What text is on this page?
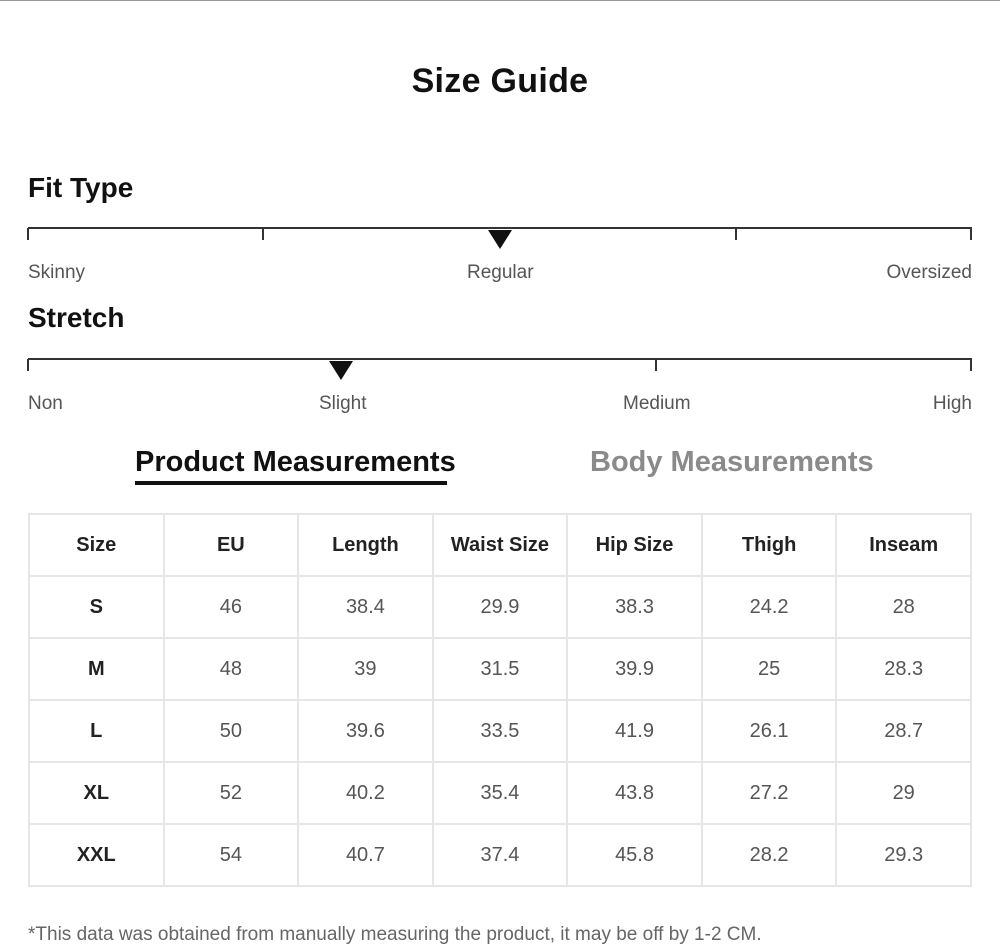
Size Guide
Fit Type
Skinny	Regular	Oversized
Stretch
Non	Slight	Medium	High
Product Measurements	Body Measurements
Size	EU	Length	Waist Size	Hip Size	Thigh	Inseam
S	46	38.4	29.9	38.3	24.2	28
M	48	39	31.5	39.9	25	28.3
L	50	39.6	33.5	41.9	26.1	28.7
XL	52	40.2	35.4	43.8	27.2	29
XXL	54	40.7	37.4	45.8	28.2	29.3
*This data was obtained from manually measuring the product, it may be off by 1-2 CM.
